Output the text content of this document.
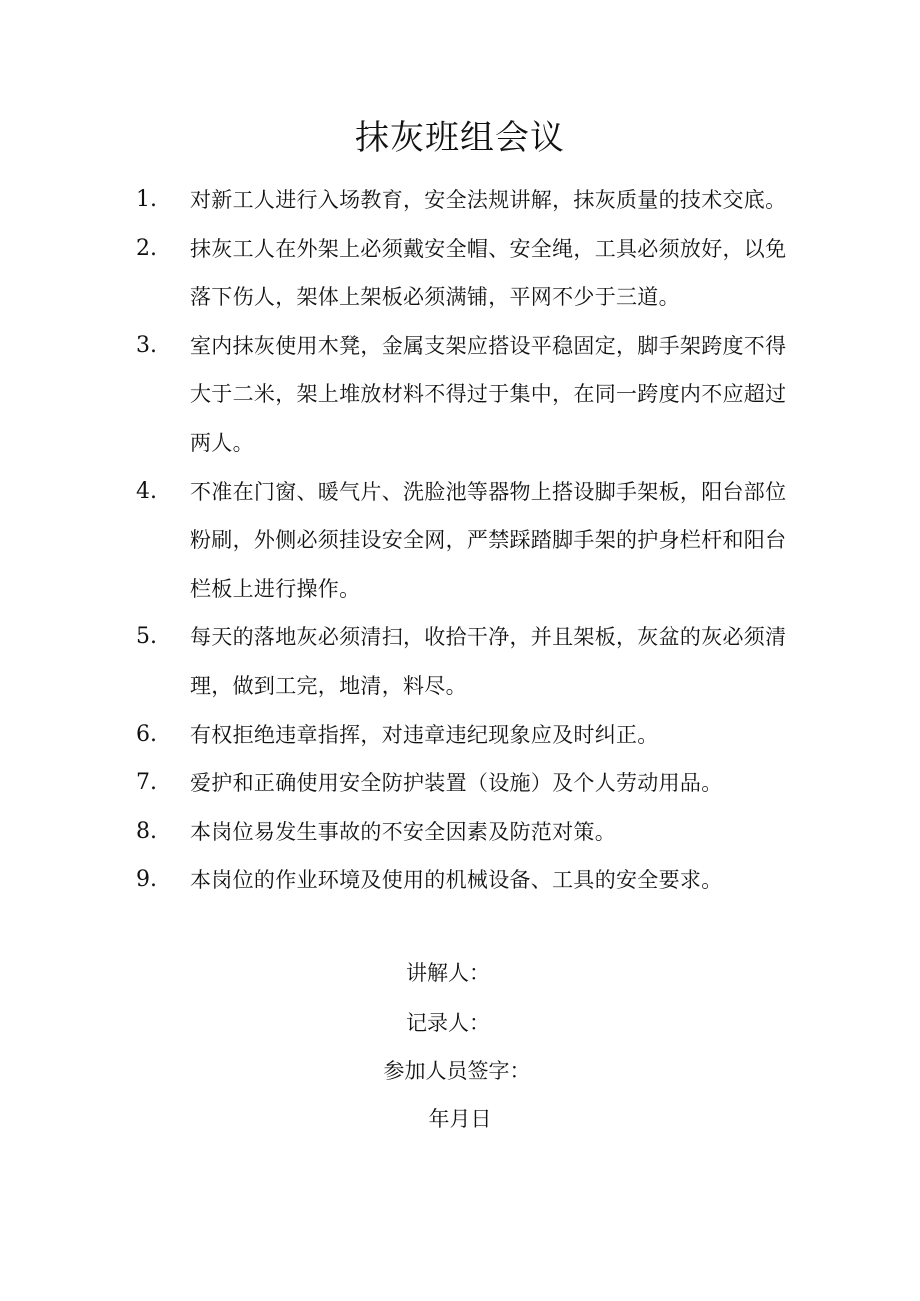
抹灰班组会议
1. 对新工人进行入场教育，安全法规讲解，抹灰质量的技术交底。
2. 抹灰工人在外架上必须戴安全帽、安全绳，工具必须放好，以免落下伤人，架体上架板必须满铺，平网不少于三道。
3. 室内抹灰使用木凳，金属支架应搭设平稳固定，脚手架跨度不得大于二米，架上堆放材料不得过于集中，在同一跨度内不应超过两人。
4. 不准在门窗、暖气片、洗脸池等器物上搭设脚手架板，阳台部位粉刷，外侧必须挂设安全网，严禁踩踏脚手架的护身栏杆和阳台栏板上进行操作。
5. 每天的落地灰必须清扫，收拾干净，并且架板，灰盆的灰必须清理，做到工完，地清，料尽。
6. 有权拒绝违章指挥，对违章违纪现象应及时纠正。
7. 爱护和正确使用安全防护装置（设施）及个人劳动用品。
8. 本岗位易发生事故的不安全因素及防范对策。
9. 本岗位的作业环境及使用的机械设备、工具的安全要求。

讲解人：

记录人：

参加人员签字：

年月日
